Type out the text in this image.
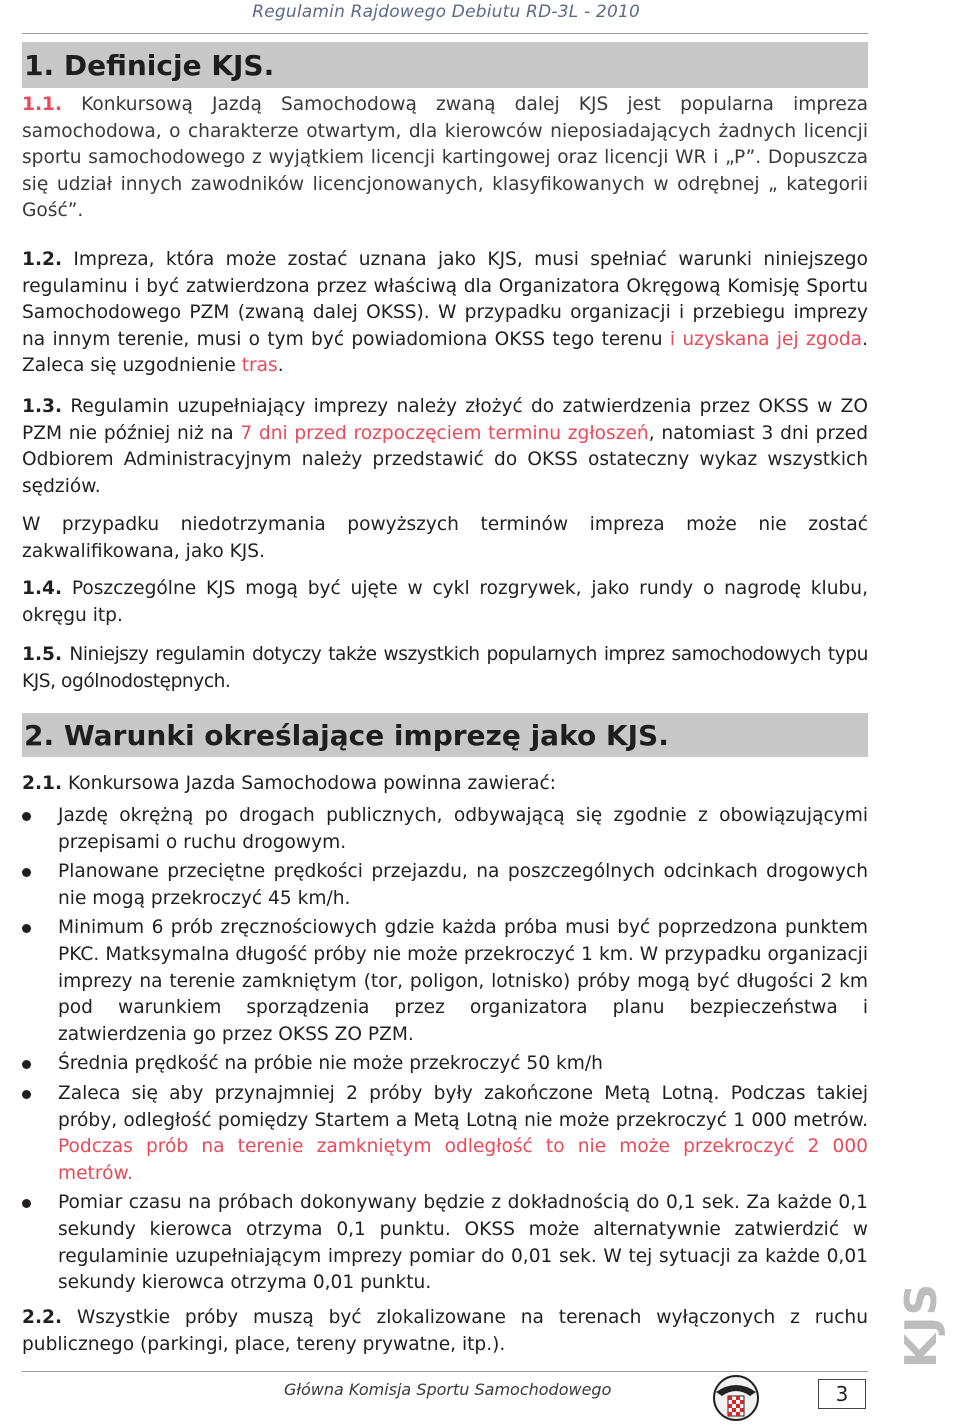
Regulamin Rajdowego Debiutu RD-3L - 2010
1. Definicje KJS.

1.1. Konkursową Jazdą Samochodową zwaną dalej KJS jest popularna impreza samochodowa, o charakterze otwartym, dla kierowców nieposiadających żadnych licencji sportu samochodowego z wyjątkiem licencji kartingowej oraz licencji WR i „P”. Dopuszcza się udział innych zawodników licencjonowanych, klasyfikowanych w odrębnej „ kategorii Gość”.

1.2. Impreza, która może zostać uznana jako KJS, musi spełniać warunki niniejszego regulaminu i być zatwierdzona przez właściwą dla Organizatora Okręgową Komisję Sportu Samochodowego PZM (zwaną dalej OKSS). W przypadku organizacji i przebiegu imprezy na innym terenie, musi o tym być powiadomiona OKSS tego terenu i uzyskana jej zgoda. Zaleca się uzgodnienie tras.

1.3. Regulamin uzupełniający imprezy należy złożyć do zatwierdzenia przez OKSS w ZO PZM nie później niż na 7 dni przed rozpoczęciem terminu zgłoszeń, natomiast 3 dni przed Odbiorem Administracyjnym należy przedstawić do OKSS ostateczny wykaz wszystkich sędziów.

W przypadku niedotrzymania powyższych terminów impreza może nie zostać zakwalifikowana, jako KJS.

1.4. Poszczególne KJS mogą być ujęte w cykl rozgrywek, jako rundy o nagrodę klubu, okręgu itp.

1.5. Niniejszy regulamin dotyczy także wszystkich popularnych imprez samochodowych typu KJS, ogólnodostępnych.

2. Warunki określające imprezę jako KJS.

2.1. Konkursowa Jazda Samochodowa powinna zawierać:

Jazdę okrężną po drogach publicznych, odbywającą się zgodnie z obowiązującymi przepisami o ruchu drogowym.
Planowane przeciętne prędkości przejazdu, na poszczególnych odcinkach drogowych nie mogą przekroczyć 45 km/h.
Minimum 6 prób zręcznościowych gdzie każda próba musi być poprzedzona punktem PKC. Matksymalna długość próby nie może przekroczyć 1 km. W przypadku organizacji imprezy na terenie zamkniętym (tor, poligon, lotnisko) próby mogą być długości 2 km pod warunkiem sporządzenia przez organizatora planu bezpieczeństwa i zatwierdzenia go przez OKSS ZO PZM.
Średnia prędkość na próbie nie może przekroczyć 50 km/h
Zaleca się aby przynajmniej 2 próby były zakończone Metą Lotną. Podczas takiej próby, odległość pomiędzy Startem a Metą Lotną nie może przekroczyć 1 000 metrów. Podczas prób na terenie zamkniętym odległość to nie może przekroczyć 2 000 metrów.
Pomiar czasu na próbach dokonywany będzie z dokładnością do 0,1 sek. Za każde 0,1 sekundy kierowca otrzyma 0,1 punktu. OKSS może alternatywnie zatwierdzić w regulaminie uzupełniającym imprezy pomiar do 0,01 sek. W tej sytuacji za każde 0,01 sekundy kierowca otrzyma 0,01 punktu.

2.2. Wszystkie próby muszą być zlokalizowane na terenach wyłączonych z ruchu publicznego (parkingi, place, tereny prywatne, itp.).	KJS
Główna Komisja Sportu Samochodowego	3
